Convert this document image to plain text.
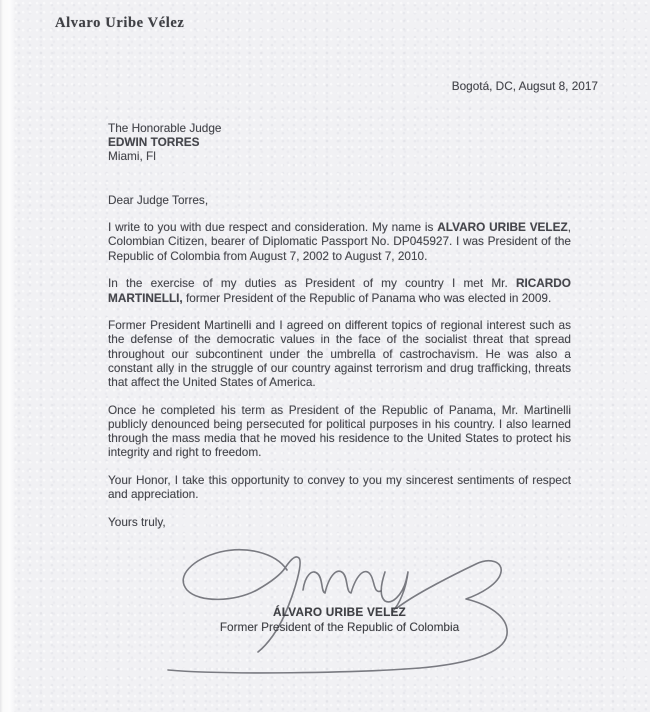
Alvaro Uribe Vélez
Bogotá, DC, Augsut 8, 2017
The Honorable Judge
EDWIN TORRES
Miami, Fl
Dear Judge Torres,

I write to you with due respect and consideration. My name is ALVARO URIBE VELEZ, Colombian Citizen, bearer of Diplomatic Passport No. DP045927. I was President of the Republic of Colombia from August 7, 2002 to August 7, 2010.

In the exercise of my duties as President of my country I met Mr. RICARDO MARTINELLI, former President of the Republic of Panama who was elected in 2009.

Former President Martinelli and I agreed on different topics of regional interest such as the defense of the democratic values in the face of the socialist threat that spread throughout our subcontinent under the umbrella of castrochavism. He was also a constant ally in the struggle of our country against terrorism and drug trafficking, threats that affect the United States of America.

Once he completed his term as President of the Republic of Panama, Mr. Martinelli publicly denounced being persecuted for political purposes in his country. I also learned through the mass media that he moved his residence to the United States to protect his integrity and right to freedom.

Your Honor, I take this opportunity to convey to you my sincerest sentiments of respect and appreciation.

Yours truly,
ÁLVARO URIBE VELEZ
Former President of the Republic of Colombia
